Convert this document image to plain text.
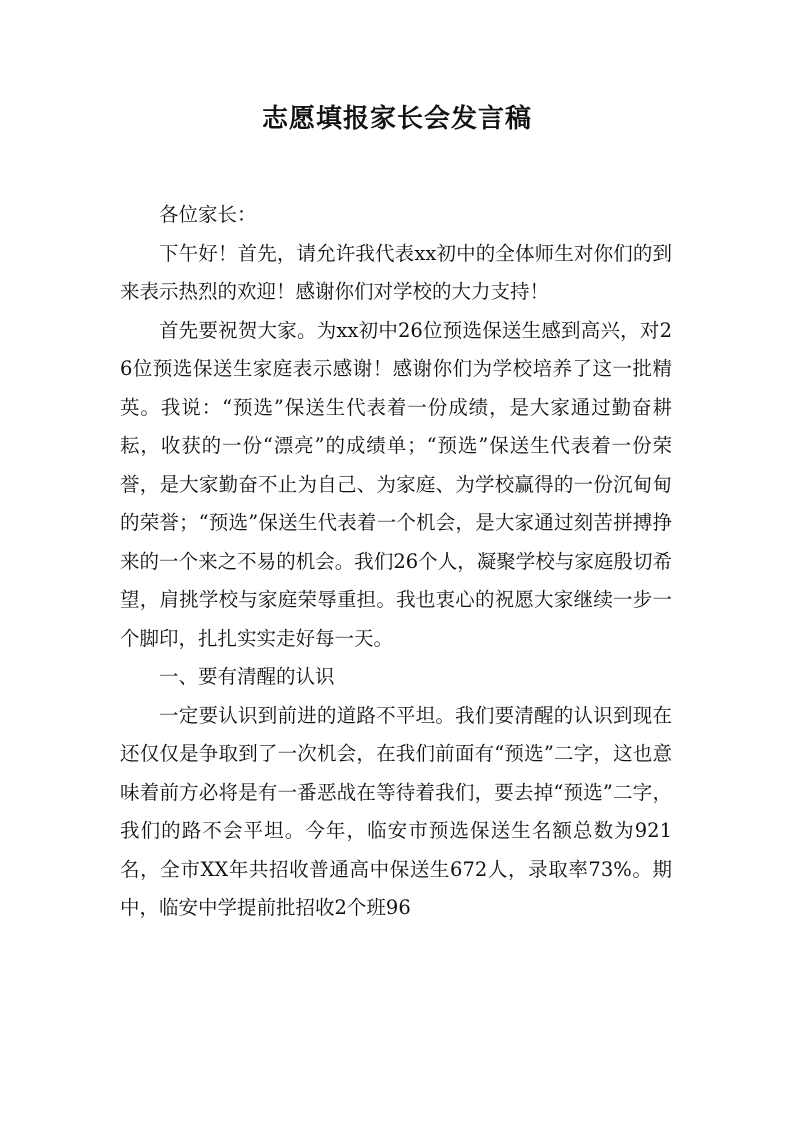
志愿填报家长会发言稿

各位家长：

下午好！首先，请允许我代表xx初中的全体师生对你们的到来表示热烈的欢迎！感谢你们对学校的大力支持！

首先要祝贺大家。为xx初中26位预选保送生感到高兴，对26位预选保送生家庭表示感谢！感谢你们为学校培养了这一批精英。我说：“预选”保送生代表着一份成绩，是大家通过勤奋耕耘，收获的一份“漂亮”的成绩单；“预选”保送生代表着一份荣誉，是大家勤奋不止为自己、为家庭、为学校赢得的一份沉甸甸的荣誉；“预选”保送生代表着一个机会，是大家通过刻苦拼搏挣来的一个来之不易的机会。我们26个人，凝聚学校与家庭殷切希望，肩挑学校与家庭荣辱重担。我也衷心的祝愿大家继续一步一个脚印，扎扎实实走好每一天。

一、要有清醒的认识

一定要认识到前进的道路不平坦。我们要清醒的认识到现在还仅仅是争取到了一次机会，在我们前面有“预选”二字，这也意味着前方必将是有一番恶战在等待着我们，要去掉“预选”二字，我们的路不会平坦。今年，临安市预选保送生名额总数为921名，全市XX年共招收普通高中保送生672人，录取率73%。期中，临安中学提前批招收2个班96
